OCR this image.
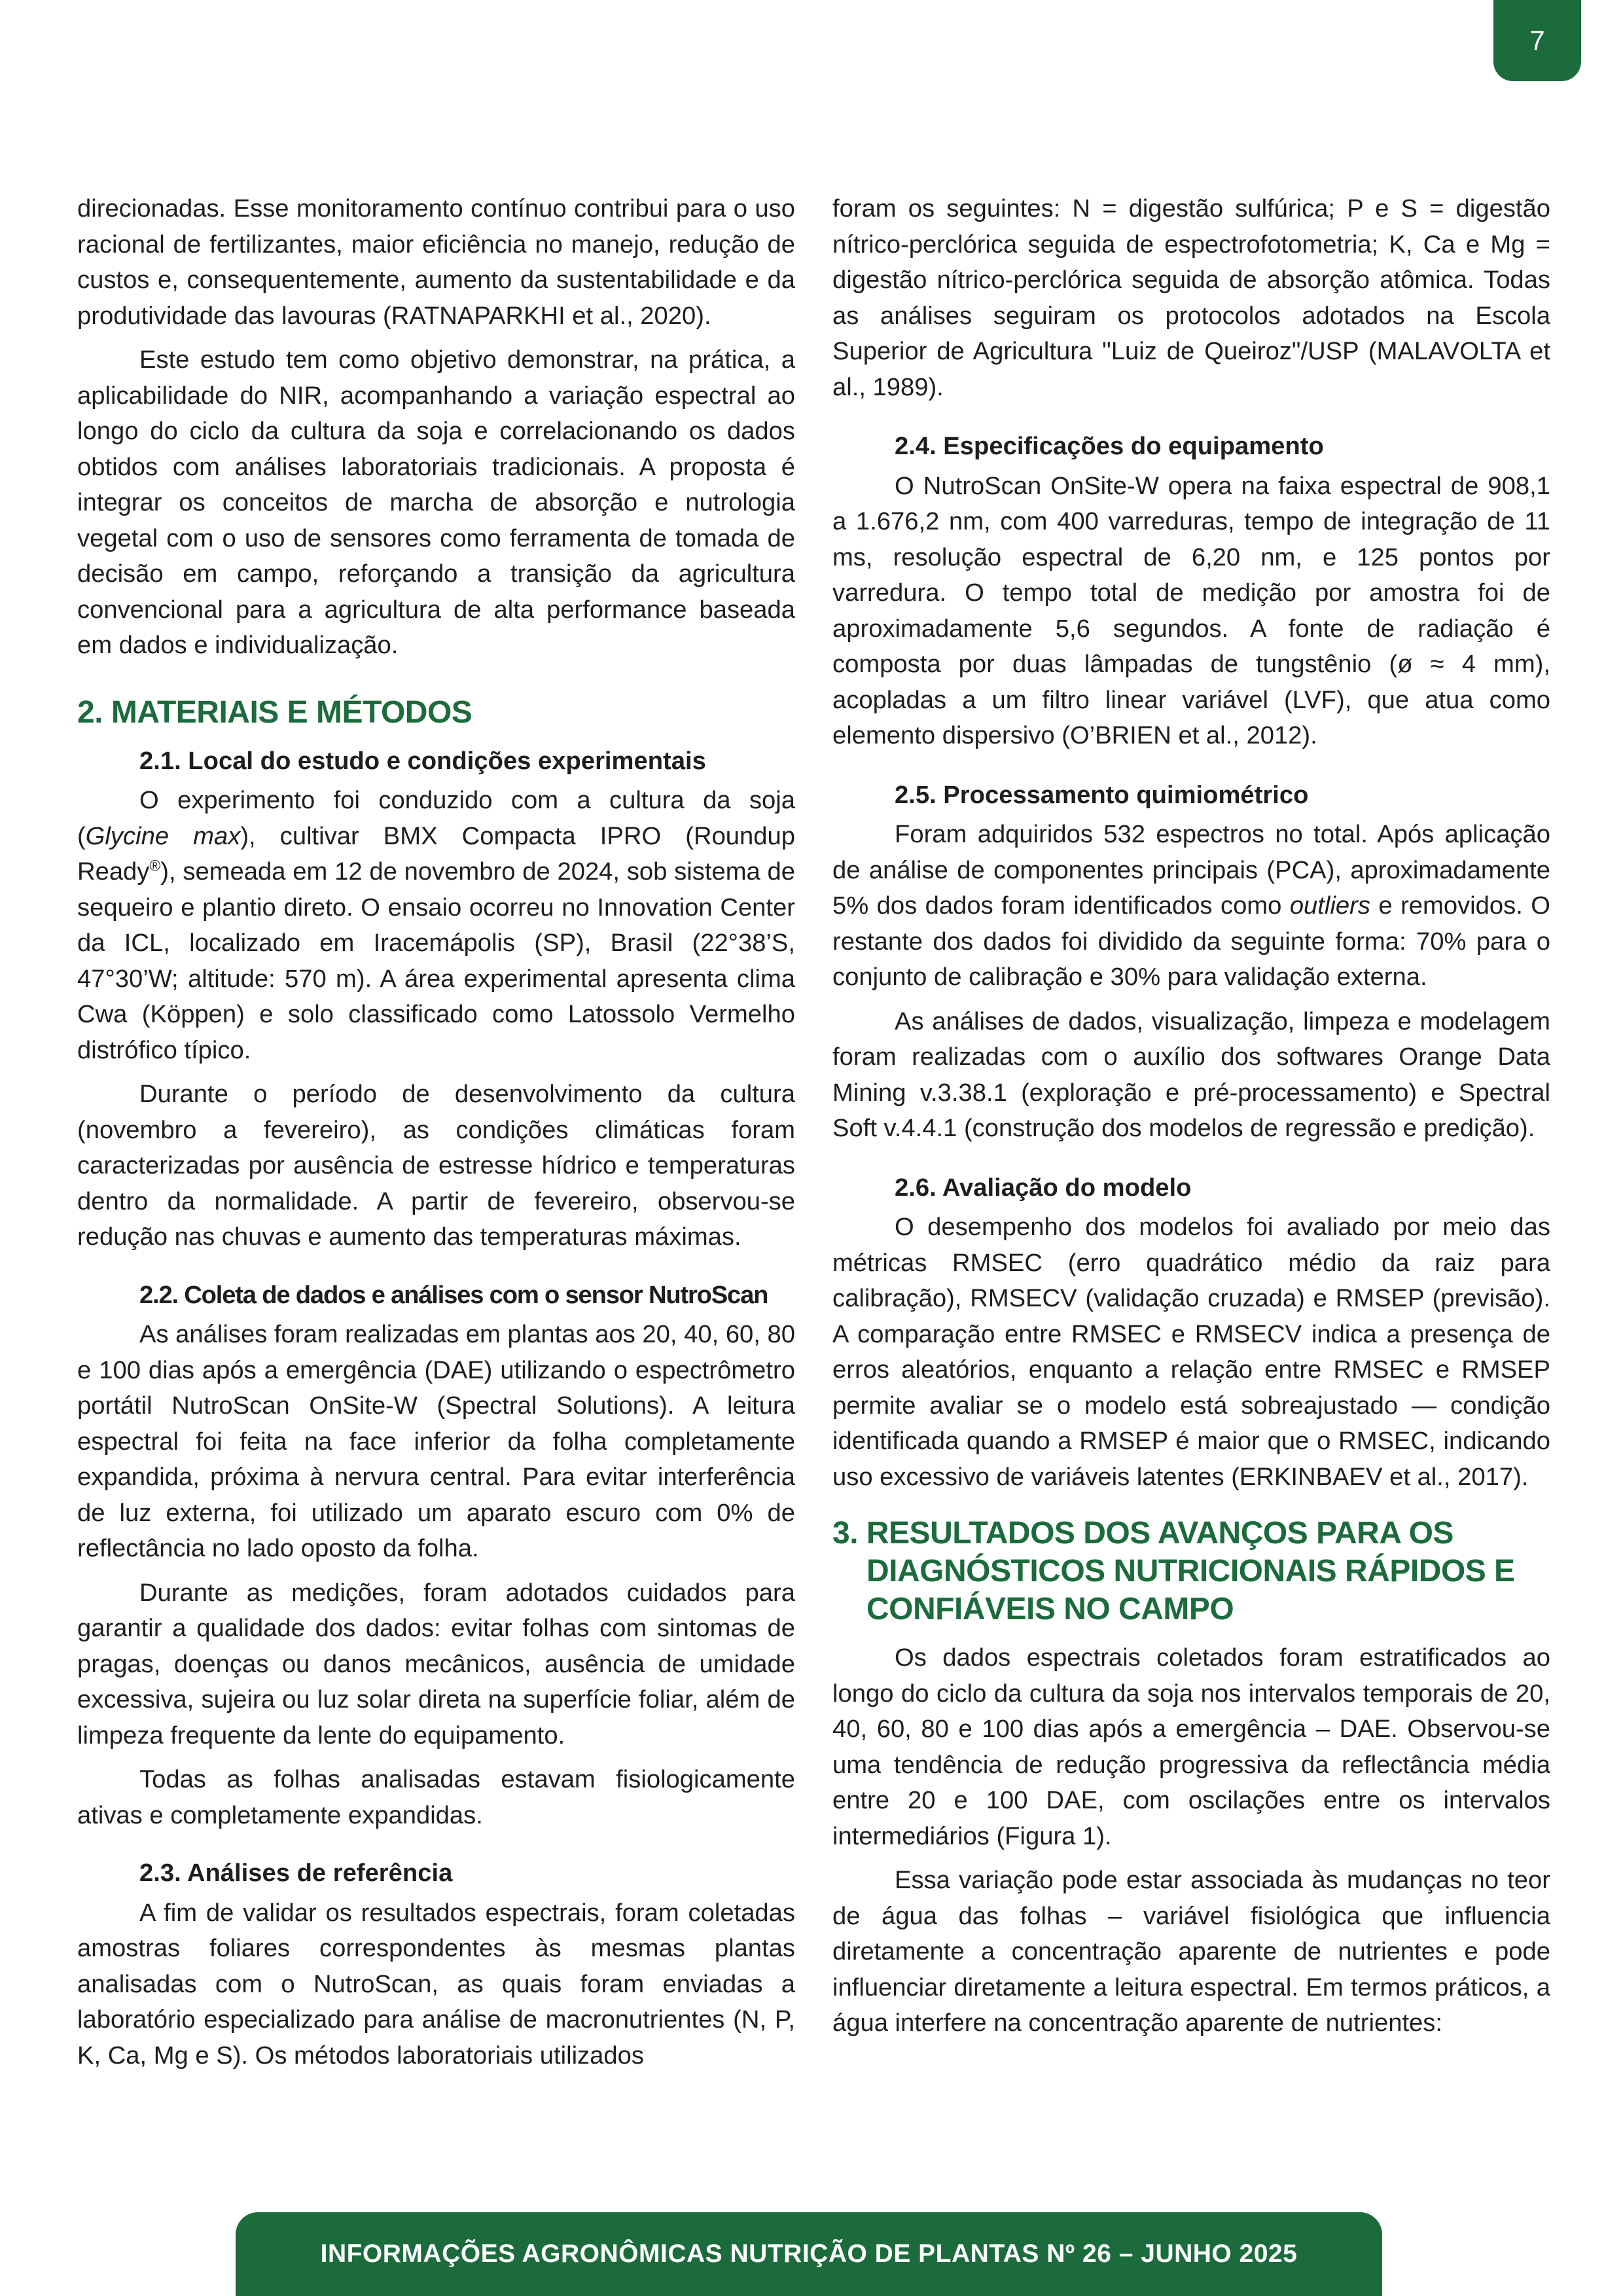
7

direcionadas. Esse monitoramento contínuo contribui para o uso racional de fertilizantes, maior eficiência no manejo, redução de custos e, consequentemente, aumento da sustentabilidade e da produtividade das lavouras (RATNAPARKHI et al., 2020).

Este estudo tem como objetivo demonstrar, na prática, a aplicabilidade do NIR, acompanhando a variação espectral ao longo do ciclo da cultura da soja e correlacionando os dados obtidos com análises laboratoriais tradicionais. A proposta é integrar os conceitos de marcha de absorção e nutrologia vegetal com o uso de sensores como ferramenta de tomada de decisão em campo, reforçando a transição da agricultura convencional para a agricultura de alta performance baseada em dados e individualização.

2. MATERIAIS E MÉTODOS
2.1. Local do estudo e condições experimentais

O experimento foi conduzido com a cultura da soja (Glycine max), cultivar BMX Compacta IPRO (Roundup Ready®), semeada em 12 de novembro de 2024, sob sistema de sequeiro e plantio direto. O ensaio ocorreu no Innovation Center da ICL, localizado em Iracemápolis (SP), Brasil (22°38’S, 47°30’W; altitude: 570 m). A área experimental apresenta clima Cwa (Köppen) e solo classificado como Latossolo Vermelho distrófico típico.

Durante o período de desenvolvimento da cultura (novembro a fevereiro), as condições climáticas foram caracterizadas por ausência de estresse hídrico e temperaturas dentro da normalidade. A partir de fevereiro, observou-se redução nas chuvas e aumento das temperaturas máximas.

2.2. Coleta de dados e análises com o sensor NutroScan

As análises foram realizadas em plantas aos 20, 40, 60, 80 e 100 dias após a emergência (DAE) utilizando o espectrômetro portátil NutroScan OnSite-W (Spectral Solutions). A leitura espectral foi feita na face inferior da folha completamente expandida, próxima à nervura central. Para evitar interferência de luz externa, foi utilizado um aparato escuro com 0% de reflectância no lado oposto da folha.

Durante as medições, foram adotados cuidados para garantir a qualidade dos dados: evitar folhas com sintomas de pragas, doenças ou danos mecânicos, ausência de umidade excessiva, sujeira ou luz solar direta na superfície foliar, além de limpeza frequente da lente do equipamento.

Todas as folhas analisadas estavam fisiologicamente ativas e completamente expandidas.

2.3. Análises de referência

A fim de validar os resultados espectrais, foram coletadas amostras foliares correspondentes às mesmas plantas analisadas com o NutroScan, as quais foram enviadas a laboratório especializado para análise de macronutrientes (N, P, K, Ca, Mg e S). Os métodos laboratoriais utilizados

foram os seguintes: N = digestão sulfúrica; P e S = digestão nítrico-perclórica seguida de espectrofotometria; K, Ca e Mg = digestão nítrico-perclórica seguida de absorção atômica. Todas as análises seguiram os protocolos adotados na Escola Superior de Agricultura "Luiz de Queiroz"/USP (MALAVOLTA et al., 1989).

2.4. Especificações do equipamento

O NutroScan OnSite-W opera na faixa espectral de 908,1 a 1.676,2 nm, com 400 varreduras, tempo de integração de 11 ms, resolução espectral de 6,20 nm, e 125 pontos por varredura. O tempo total de medição por amostra foi de aproximadamente 5,6 segundos. A fonte de radiação é composta por duas lâmpadas de tungstênio (ø ≈ 4 mm), acopladas a um filtro linear variável (LVF), que atua como elemento dispersivo (O’BRIEN et al., 2012).

2.5. Processamento quimiométrico

Foram adquiridos 532 espectros no total. Após aplicação de análise de componentes principais (PCA), aproximadamente 5% dos dados foram identificados como outliers e removidos. O restante dos dados foi dividido da seguinte forma: 70% para o conjunto de calibração e 30% para validação externa.

As análises de dados, visualização, limpeza e modelagem foram realizadas com o auxílio dos softwares Orange Data Mining v.3.38.1 (exploração e pré-processamento) e Spectral Soft v.4.4.1 (construção dos modelos de regressão e predição).

2.6. Avaliação do modelo

O desempenho dos modelos foi avaliado por meio das métricas RMSEC (erro quadrático médio da raiz para calibração), RMSECV (validação cruzada) e RMSEP (previsão). A comparação entre RMSEC e RMSECV indica a presença de erros aleatórios, enquanto a relação entre RMSEC e RMSEP permite avaliar se o modelo está sobreajustado — condição identificada quando a RMSEP é maior que o RMSEC, indicando uso excessivo de variáveis latentes (ERKINBAEV et al., 2017).

3. RESULTADOS DOS AVANÇOS PARA OS DIAGNÓSTICOS NUTRICIONAIS RÁPIDOS E CONFIÁVEIS NO CAMPO

Os dados espectrais coletados foram estratificados ao longo do ciclo da cultura da soja nos intervalos temporais de 20, 40, 60, 80 e 100 dias após a emergência – DAE. Observou-se uma tendência de redução progressiva da reflectância média entre 20 e 100 DAE, com oscilações entre os intervalos intermediários (Figura 1).

Essa variação pode estar associada às mudanças no teor de água das folhas – variável fisiológica que influencia diretamente a concentração aparente de nutrientes e pode influenciar diretamente a leitura espectral. Em termos práticos, a água interfere na concentração aparente de nutrientes:

INFORMAÇÕES AGRONÔMICAS NUTRIÇÃO DE PLANTAS Nº 26 – JUNHO 2025
